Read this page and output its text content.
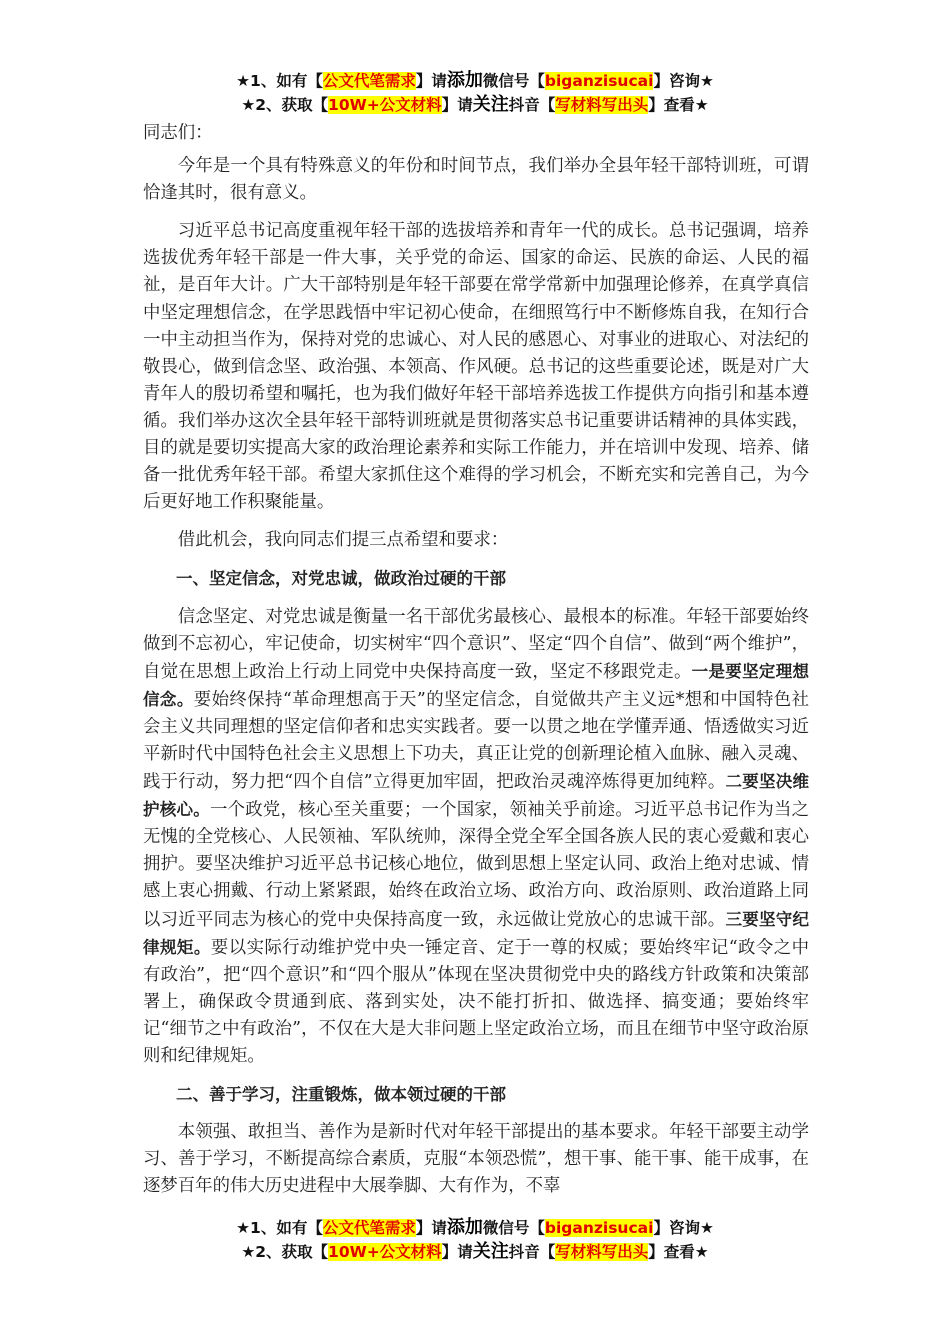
★1、如有【公文代笔需求】请添加微信号【biganzisucai】咨询★
★2、获取【10W+公文材料】请关注抖音【写材料写出头】查看★

同志们：

今年是一个具有特殊意义的年份和时间节点，我们举办全县年轻干部特训班，可谓恰逢其时，很有意义。

习近平总书记高度重视年轻干部的选拔培养和青年一代的成长。总书记强调，培养选拔优秀年轻干部是一件大事，关乎党的命运、国家的命运、民族的命运、人民的福祉，是百年大计。广大干部特别是年轻干部要在常学常新中加强理论修养，在真学真信中坚定理想信念，在学思践悟中牢记初心使命，在细照笃行中不断修炼自我，在知行合一中主动担当作为，保持对党的忠诚心、对人民的感恩心、对事业的进取心、对法纪的敬畏心，做到信念坚、政治强、本领高、作风硬。总书记的这些重要论述，既是对广大青年人的殷切希望和嘱托，也为我们做好年轻干部培养选拔工作提供方向指引和基本遵循。我们举办这次全县年轻干部特训班就是贯彻落实总书记重要讲话精神的具体实践，目的就是要切实提高大家的政治理论素养和实际工作能力，并在培训中发现、培养、储备一批优秀年轻干部。希望大家抓住这个难得的学习机会，不断充实和完善自己，为今后更好地工作积聚能量。

借此机会，我向同志们提三点希望和要求：

一、坚定信念，对党忠诚，做政治过硬的干部

信念坚定、对党忠诚是衡量一名干部优劣最核心、最根本的标准。年轻干部要始终做到不忘初心，牢记使命，切实树牢“四个意识”、坚定“四个自信”、做到“两个维护”，自觉在思想上政治上行动上同党中央保持高度一致，坚定不移跟党走。一是要坚定理想信念。要始终保持“革命理想高于天”的坚定信念，自觉做共产主义远*想和中国特色社会主义共同理想的坚定信仰者和忠实实践者。要一以贯之地在学懂弄通、悟透做实习近平新时代中国特色社会主义思想上下功夫，真正让党的创新理论植入血脉、融入灵魂、践于行动，努力把“四个自信”立得更加牢固，把政治灵魂淬炼得更加纯粹。二要坚决维护核心。一个政党，核心至关重要；一个国家，领袖关乎前途。习近平总书记作为当之无愧的全党核心、人民领袖、军队统帅，深得全党全军全国各族人民的衷心爱戴和衷心拥护。要坚决维护习近平总书记核心地位，做到思想上坚定认同、政治上绝对忠诚、情感上衷心拥戴、行动上紧紧跟，始终在政治立场、政治方向、政治原则、政治道路上同以习近平同志为核心的党中央保持高度一致，永远做让党放心的忠诚干部。三要坚守纪律规矩。要以实际行动维护党中央一锤定音、定于一尊的权威；要始终牢记“政令之中有政治”，把“四个意识”和“四个服从”体现在坚决贯彻党中央的路线方针政策和决策部署上，确保政令贯通到底、落到实处，决不能打折扣、做选择、搞变通；要始终牢记“细节之中有政治”，不仅在大是大非问题上坚定政治立场，而且在细节中坚守政治原则和纪律规矩。

二、善于学习，注重锻炼，做本领过硬的干部

本领强、敢担当、善作为是新时代对年轻干部提出的基本要求。年轻干部要主动学习、善于学习，不断提高综合素质，克服“本领恐慌”，想干事、能干事、能干成事，在逐梦百年的伟大历史进程中大展拳脚、大有作为，不辜

★1、如有【公文代笔需求】请添加微信号【biganzisucai】咨询★
★2、获取【10W+公文材料】请关注抖音【写材料写出头】查看★
